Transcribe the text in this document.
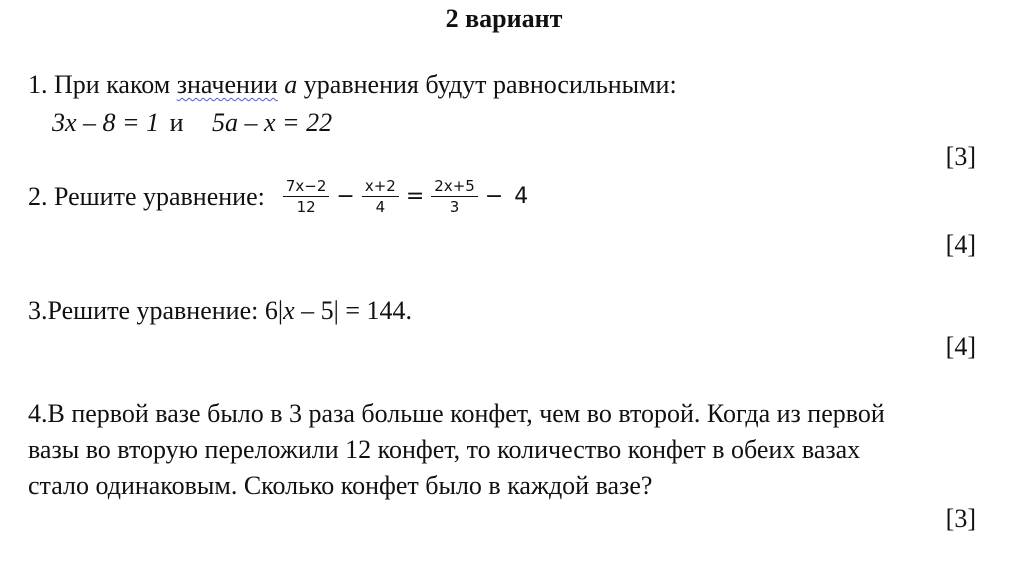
2 вариант
1. При каком значении a уравнения будут равносильными:
3x – 8 = 1 и 5a – x = 22
[3]
2. Решите уравнение: $\frac{7x-2}{12} - \frac{x+2}{4} = \frac{2x+5}{3} - 4$
[4]
3.Решите уравнение: 6|x – 5| = 144.
[4]
4.В первой вазе было в 3 раза больше конфет, чем во второй. Когда из первой
вазы во вторую переложили 12 конфет, то количество конфет в обеих вазах
стало одинаковым. Сколько конфет было в каждой вазе?
[3]
